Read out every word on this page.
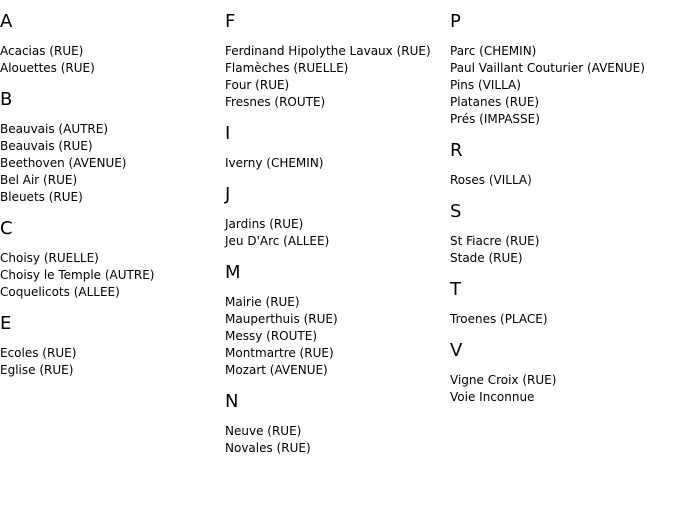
A
Acacias (RUE)
Alouettes (RUE)
B
Beauvais (AUTRE)
Beauvais (RUE)
Beethoven (AVENUE)
Bel Air (RUE)
Bleuets (RUE)
C
Choisy (RUELLE)
Choisy le Temple (AUTRE)
Coquelicots (ALLEE)
E
Ecoles (RUE)
Eglise (RUE)
F
Ferdinand Hipolythe Lavaux (RUE)
Flamèches (RUELLE)
Four (RUE)
Fresnes (ROUTE)
I
Iverny (CHEMIN)
J
Jardins (RUE)
Jeu D'Arc (ALLEE)
M
Mairie (RUE)
Mauperthuis (RUE)
Messy (ROUTE)
Montmartre (RUE)
Mozart (AVENUE)
N
Neuve (RUE)
Novales (RUE)
P
Parc (CHEMIN)
Paul Vaillant Couturier (AVENUE)
Pins (VILLA)
Platanes (RUE)
Prés (IMPASSE)
R
Roses (VILLA)
S
St Fiacre (RUE)
Stade (RUE)
T
Troenes (PLACE)
V
Vigne Croix (RUE)
Voie Inconnue
